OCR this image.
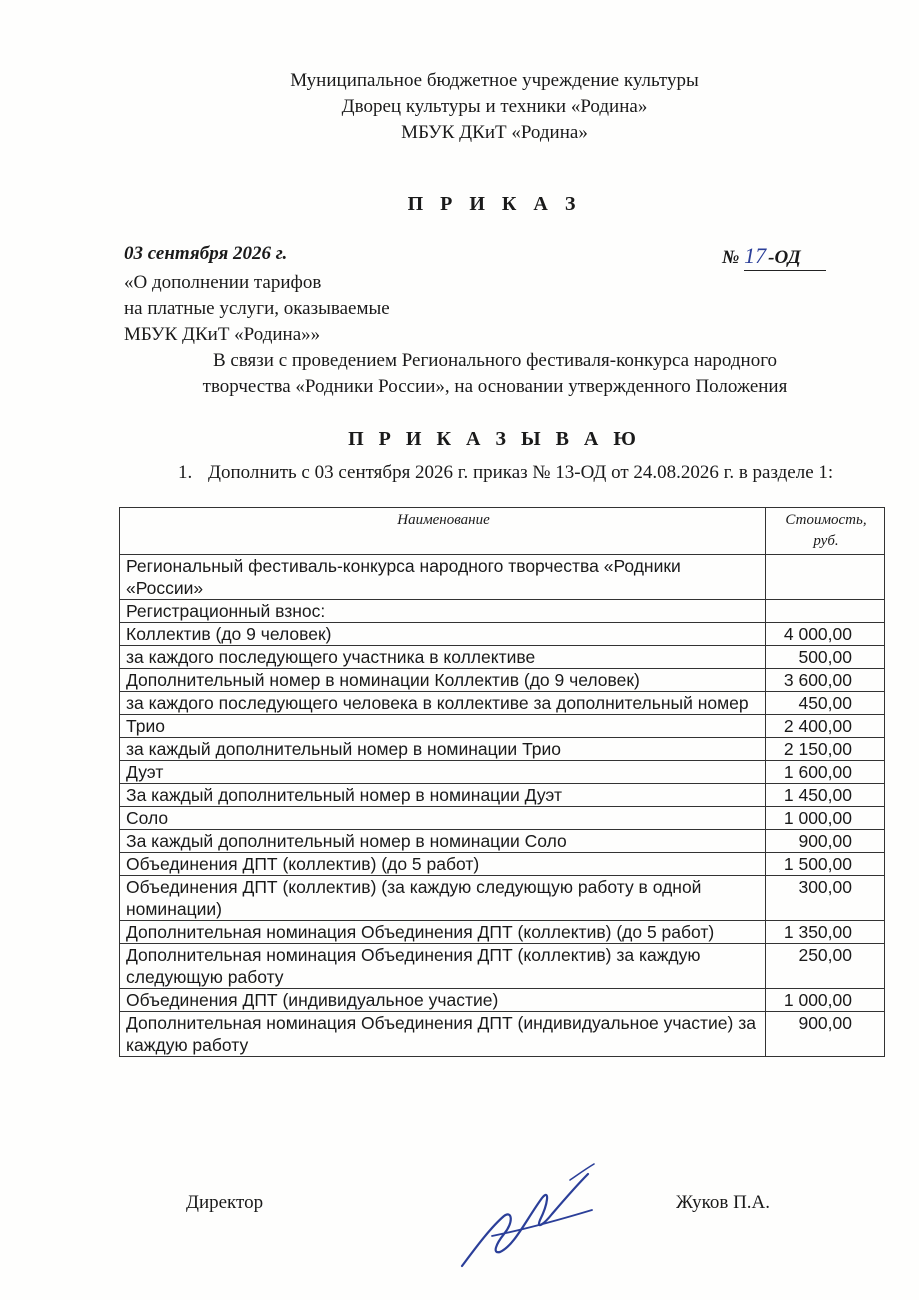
Муниципальное бюджетное учреждение культуры
Дворец культуры и техники «Родина»
МБУК ДКиТ «Родина»
П Р И К А З
03 сентября 2026 г.	№ 17 -ОД
«О дополнении тарифов
на платные услуги, оказываемые
МБУК ДКиТ «Родина»»
В связи с проведением Регионального фестиваля-конкурса народного
творчества «Родники России», на основании утвержденного Положения
П Р И К А З Ы В А Ю
1. Дополнить с 03 сентября 2026 г. приказ № 13-ОД от 24.08.2026 г. в разделе 1:
Наименование	Стоимость, руб.
Региональный фестиваль-конкурса народного творчества «Родники «России»	
Регистрационный взнос:	
Коллектив (до 9 человек)	4 000,00
за каждого последующего участника в коллективе	500,00
Дополнительный номер в номинации Коллектив (до 9 человек)	3 600,00
за каждого последующего человека в коллективе за дополнительный номер	450,00
Трио	2 400,00
за каждый дополнительный номер в номинации Трио	2 150,00
Дуэт	1 600,00
За каждый дополнительный номер в номинации Дуэт	1 450,00
Соло	1 000,00
За каждый дополнительный номер в номинации Соло	900,00
Объединения ДПТ (коллектив) (до 5 работ)	1 500,00
Объединения ДПТ (коллектив) (за каждую следующую работу в одной номинации)	300,00
Дополнительная номинация Объединения ДПТ (коллектив) (до 5 работ)	1 350,00
Дополнительная номинация Объединения ДПТ (коллектив) за каждую следующую работу	250,00
Объединения ДПТ (индивидуальное участие)	1 000,00
Дополнительная номинация Объединения ДПТ (индивидуальное участие) за каждую работу	900,00
Директор	Жуков П.А.
